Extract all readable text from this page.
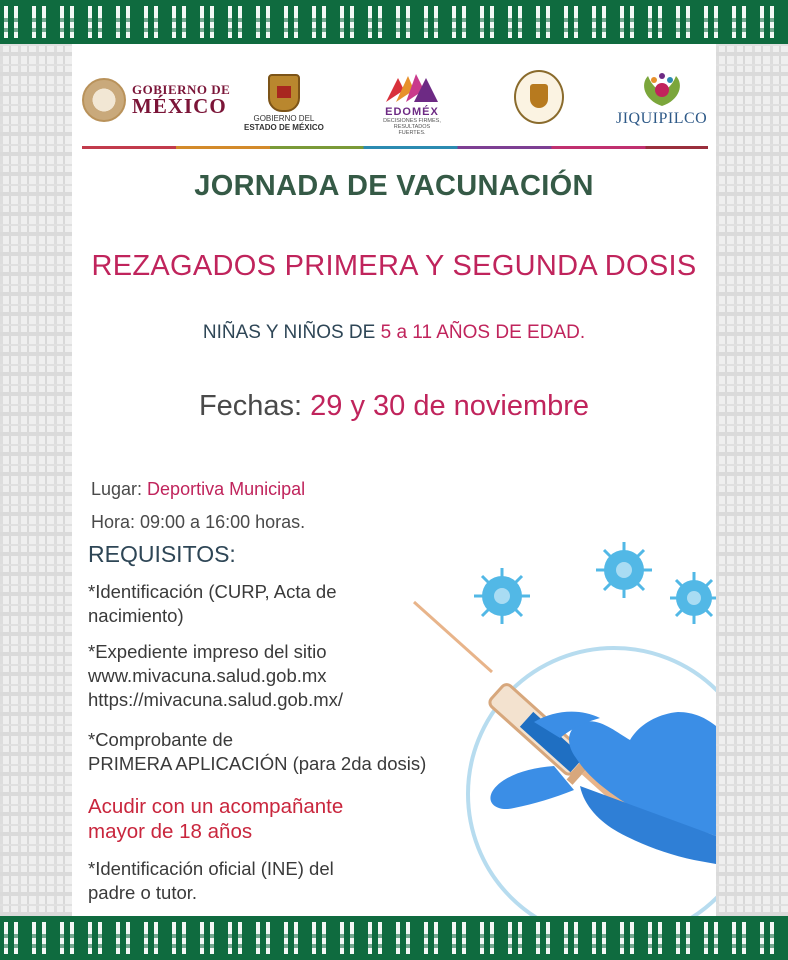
GOBIERNO DE
MÉXICO
GOBIERNO DEL
ESTADO DE MÉXICO
EDOMÉX
DECISIONES FIRMES, RESULTADOS FUERTES.
JIQUIPILCO
JORNADA DE VACUNACIÓN
REZAGADOS PRIMERA Y SEGUNDA DOSIS
NIÑAS Y NIÑOS DE 5 a 11 AÑOS DE EDAD.
Fechas: 29 y 30 de noviembre
Lugar: Deportiva Municipal
Hora: 09:00 a 16:00 horas.
REQUISITOS:
*Identificación (CURP, Acta de
nacimiento)
*Expediente impreso del sitio
www.mivacuna.salud.gob.mx
https://mivacuna.salud.gob.mx/
*Comprobante de
PRIMERA APLICACIÓN (para 2da dosis)
Acudir con un acompañante
mayor de 18 años
*Identificación oficial (INE) del
padre o tutor.
